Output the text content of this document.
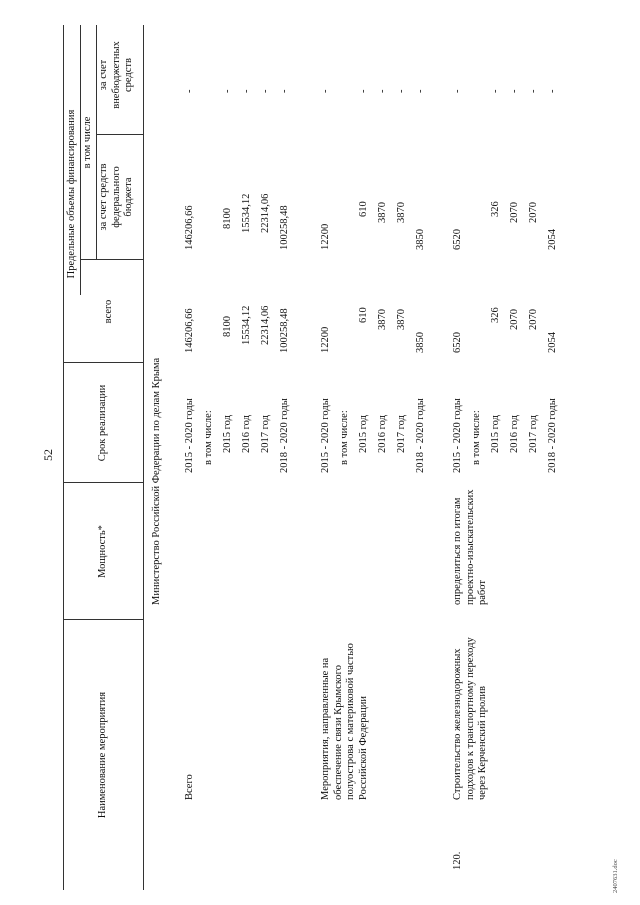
52
Наименование мероприятия
Мощность*
Срок реализации
Предельные объемы финансирования
всего
в том числе
за счет средств федерального бюджета
за счет внебюджетных средств
Министерство Российской Федерации по делам Крыма
Всего
2015 - 2020 годы
146206,66
146206,66
-
в том числе: 2015 год
8100
8100
-
2016 год
15534,12
15534,12
-
2017 год
22314,06
22314,06
-
2018 - 2020 годы
100258,48
100258,48
-
Мероприятия, направленные на обеспечение связи Крымского полуострова с материковой частью Российской Федерации
2015 - 2020 годы
12200
12200
-
в том числе: 2015 год
610
610
-
2016 год
3870
3870
-
2017 год
3870
3870
-
2018 - 2020 годы
3850
3850
-
120.
Строительство железнодорожных подходов к транспортному переходу через Керченский пролив
определиться по итогам проектно-изыскательских работ
2015 - 2020 годы
6520
6520
-
в том числе: 2015 год
326
326
-
2016 год
2070
2070
-
2017 год
2070
2070
-
2018 - 2020 годы
2054
2054
-
2407631.doc
